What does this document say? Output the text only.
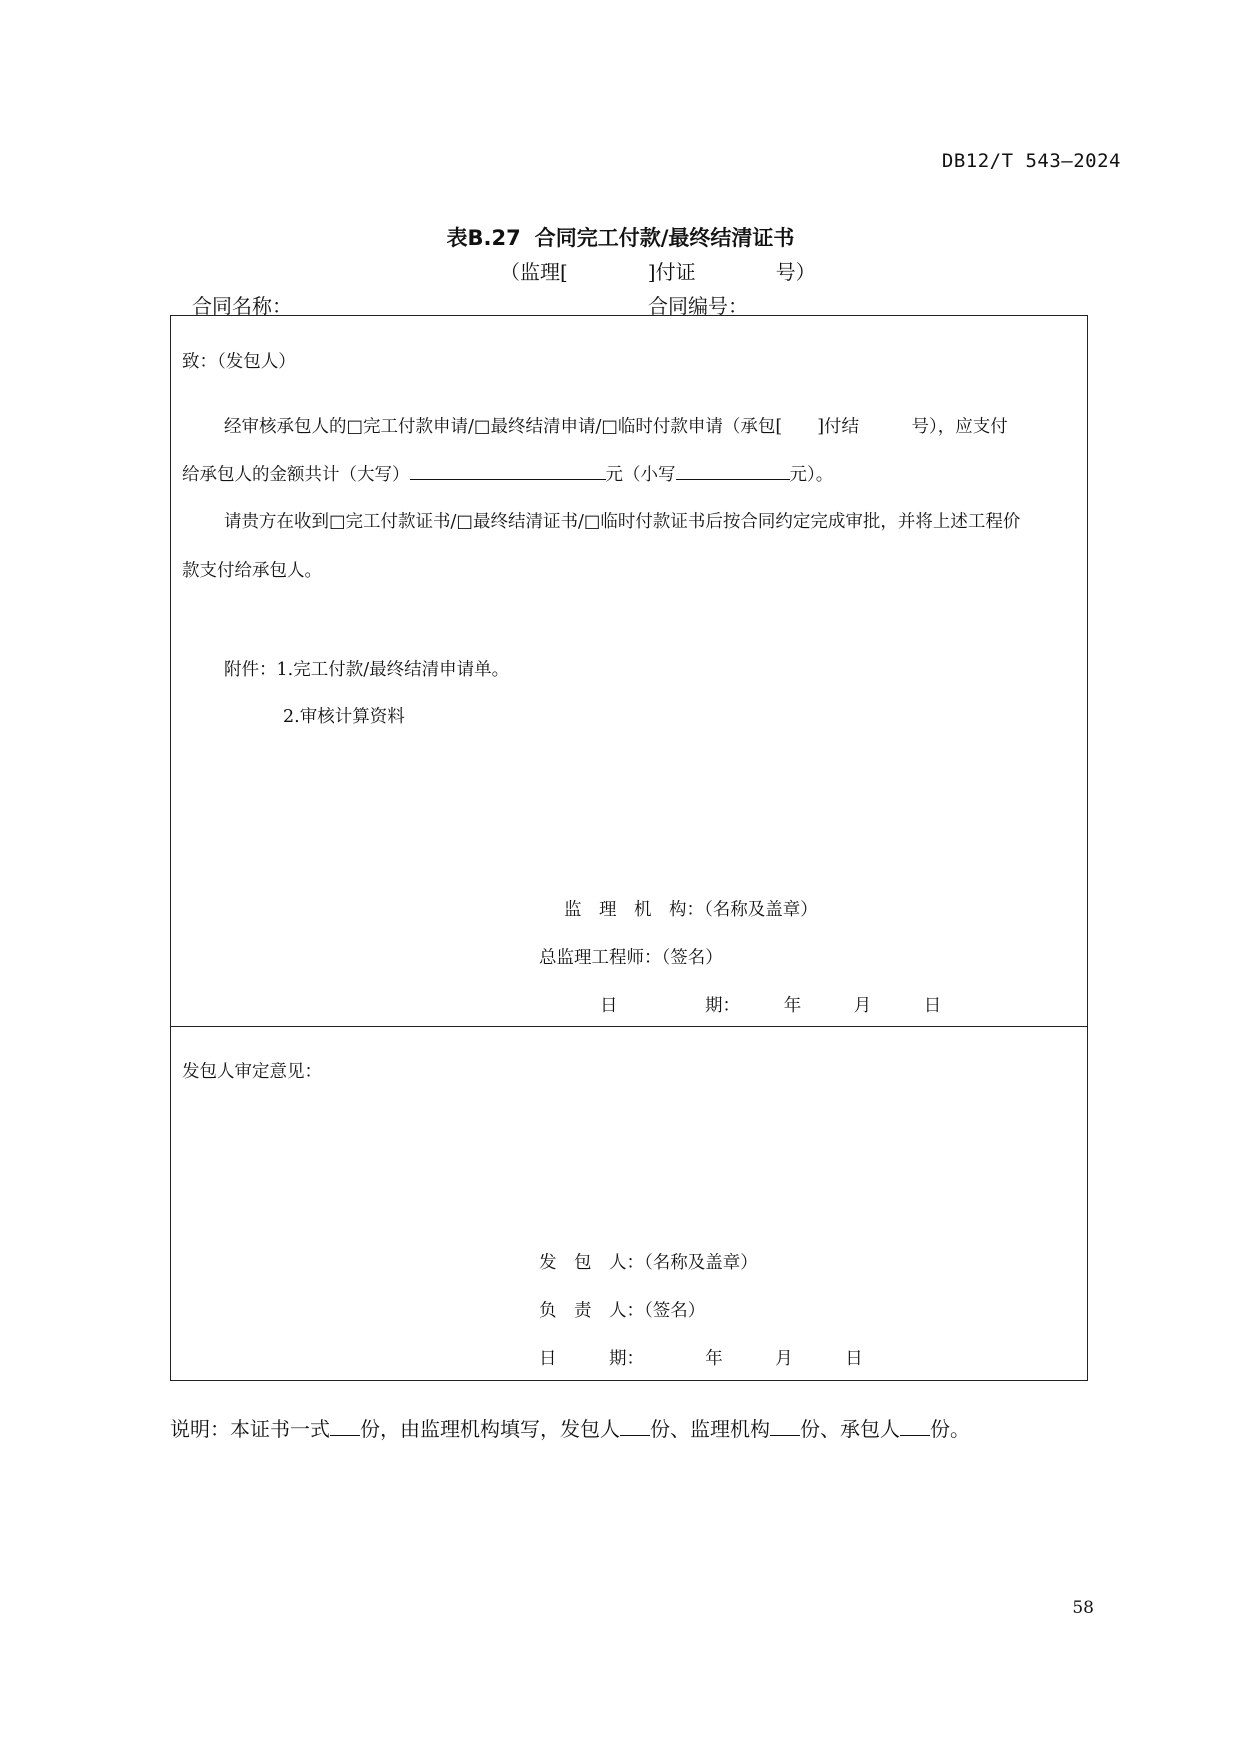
DB12/T 543—2024
表B.27 合同完工付款/最终结清证书
（监理[　　　　]付证　　　　号）
合同名称：	合同编号：
致：（发包人）
经审核承包人的□完工付款申请/□最终结清申请/□临时付款申请（承包[　　]付结　　　号），应支付
给承包人的金额共计（大写）	元（小写	元）。
请贵方在收到□完工付款证书/□最终结清证书/□临时付款证书后按合同约定完成审批，并将上述工程价
款支付给承包人。
附件：1.完工付款/最终结清申请单。
2.审核计算资料
监　理　机　构：（名称及盖章）
总监理工程师：（签名）
日　　　　　期：　　　年　　　月　　　日
发包人审定意见：
发　包　人：（名称及盖章）
负　责　人：（签名）
日　　　期：　　　　年　　　月　　　日
说明：本证书一式 份，由监理机构填写，发包人 份、监理机构 份、承包人 份。
58
